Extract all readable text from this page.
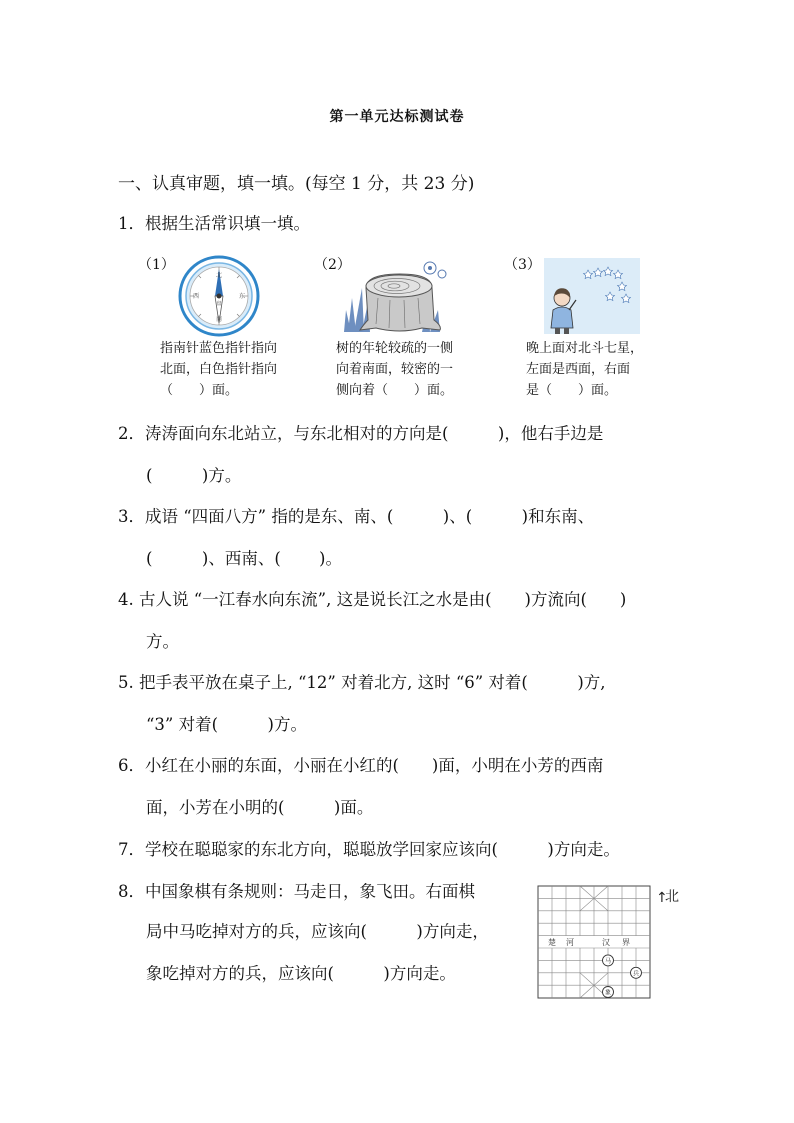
第一单元达标测试卷
一、认真审题，填一填。(每空 1 分，共 23 分)
1．根据生活常识填一填。
（1）
北
南
东
西
盘
指南针蓝色指针指向
北面，白色指针指向
（　　）面。
（2）
树的年轮较疏的一侧
向着南面，较密的一
侧向着（　　）面。
（3）
晚上面对北斗七星，
左面是西面，右面
是（　　）面。
2．涛涛面向东北站立，与东北相对的方向是(　　　)，他右手边是
(　　　)方。
3．成语 “四面八方” 指的是东、南、(　　　)、(　　　)和东南、
(　　　)、西南、(　　 )。
4. 古人说 “一江春水向东流”, 这是说长江之水是由(　　)方流向(　　)
方。
5. 把手表平放在桌子上, “12” 对着北方, 这时 “6” 对着(　　　)方,
“3” 对着(　　　)方。
6．小红在小丽的东面，小丽在小红的(　　)面，小明在小芳的西南
面，小芳在小明的(　　　)面。
7．学校在聪聪家的东北方向，聪聪放学回家应该向(　　　)方向走。
8．中国象棋有条规则：马走日，象飞田。右面棋
局中马吃掉对方的兵，应该向(　　　)方向走，
象吃掉对方的兵，应该向(　　　)方向走。
楚 河	汉 界
马
兵
象
↑
北
